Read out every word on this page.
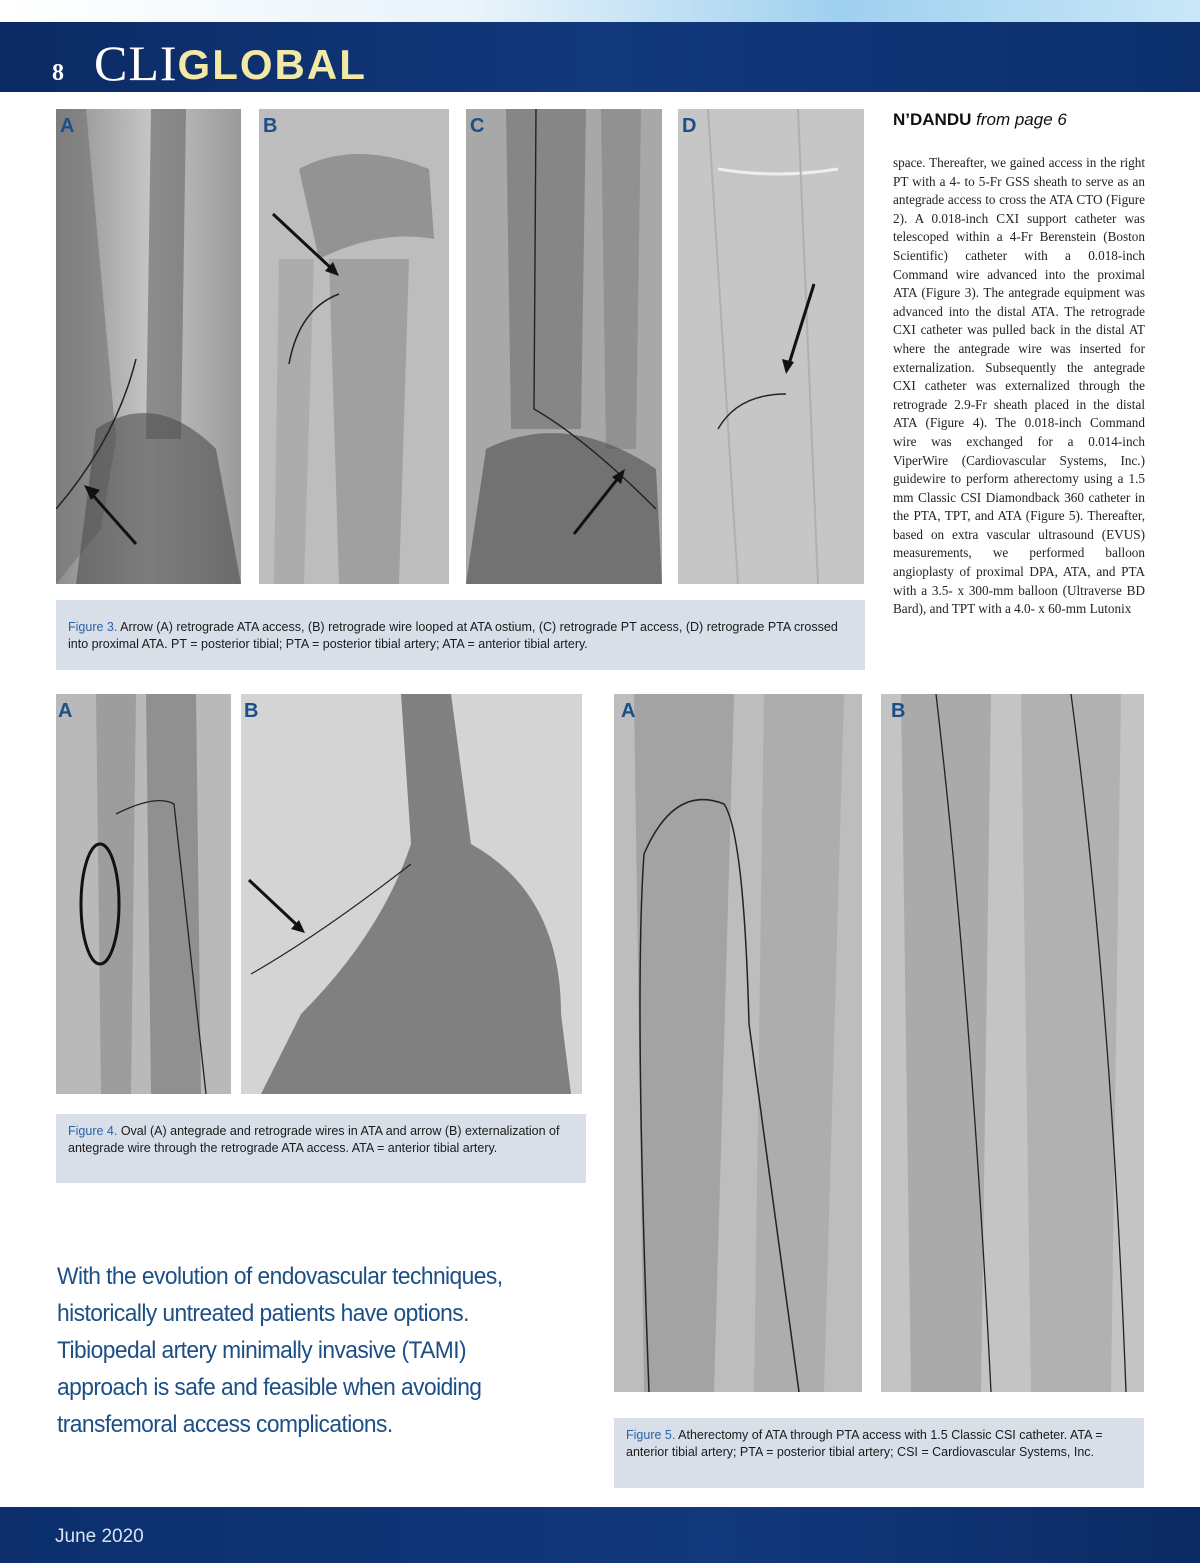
8 CLI GLOBAL
A	B	C	D
Figure 3. Arrow (A) retrograde ATA access, (B) retrograde wire looped at ATA ostium, (C) retrograde PT access, (D) retrograde PTA crossed into proximal ATA. PT = posterior tibial; PTA = posterior tibial artery; ATA = anterior tibial artery.
N’DANDU from page 6
space. Thereafter, we gained access in the right PT with a 4- to 5-Fr GSS sheath to serve as an antegrade access to cross the ATA CTO (Figure 2). A 0.018-inch CXI support catheter was telescoped within a 4-Fr Berenstein (Boston Scientific) catheter with a 0.018-inch Command wire advanced into the proximal ATA (Figure 3). The antegrade equipment was advanced into the distal ATA. The retrograde CXI catheter was pulled back in the distal AT where the antegrade wire was inserted for externalization. Subsequently the antegrade CXI catheter was externalized through the retrograde 2.9-Fr sheath placed in the distal ATA (Figure 4). The 0.018-inch Command wire was exchanged for a 0.014-inch ViperWire (Cardiovascular Systems, Inc.) guidewire to perform atherectomy using a 1.5 mm Classic CSI Diamondback 360 catheter in the PTA, TPT, and ATA (Figure 5). Thereafter, based on extra vascular ultrasound (EVUS) measurements, we performed balloon angioplasty of proximal DPA, ATA, and PTA with a 3.5- x 300-mm balloon (Ultraverse BD Bard), and TPT with a 4.0- x 60-mm Lutonix
A	B
Figure 4. Oval (A) antegrade and retrograde wires in ATA and arrow (B) externalization of antegrade wire through the retrograde ATA access. ATA = anterior tibial artery.
A	B
Figure 5. Atherectomy of ATA through PTA access with 1.5 Classic CSI catheter. ATA = anterior tibial artery; PTA = posterior tibial artery; CSI = Cardiovascular Systems, Inc.
With the evolution of endovascular techniques, historically untreated patients have options. Tibiopedal artery minimally invasive (TAMI) approach is safe and feasible when avoiding transfemoral access complications.
June 2020
